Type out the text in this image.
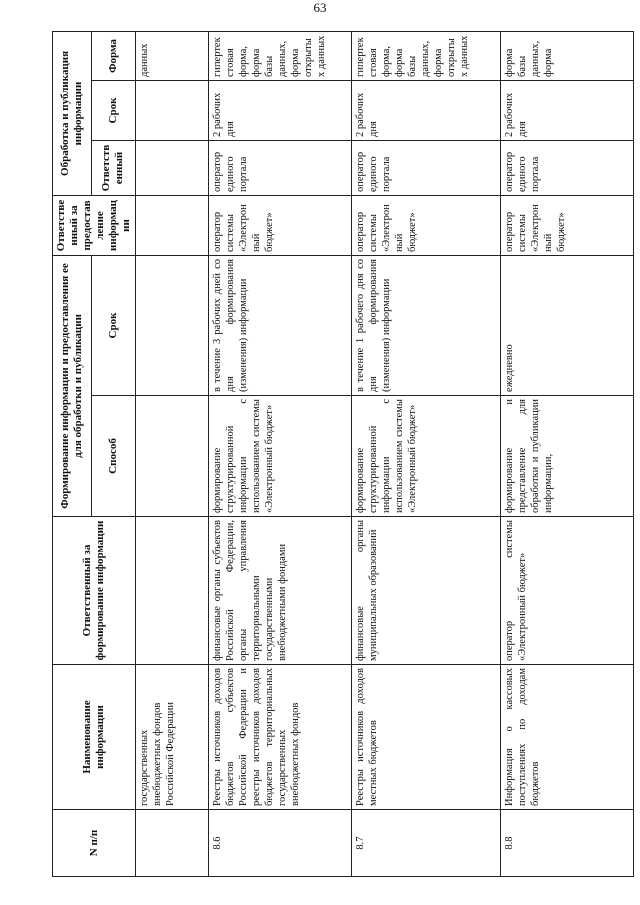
63
N п/п	Наименование информации	Ответственный за формирование информации	Формирование информации и предоставления ее для обработки и публикации		Ответственный за предоставление информации	Обработка и публикация информации		
			Способ	Срок		Ответственный	Срок	Форма
	государственных внебюджетных фондов Российской Федерации							данных
8.6	Реестры источников доходов бюджетов субъектов Российской Федерации и реестры источников доходов бюджетов территориальных государственных внебюджетных фондов	финансовые органы субъектов Российской Федерации, органы управления территориальными государственными внебюджетными фондами	формирование структурированной информации с использованием системы «Электронный бюджет»	в течение 3 рабочих дней со дня формирования (изменения) информации	оператор системы «Электронный бюджет»	оператор единого портала	2 рабочих дня	гипертекстовая форма, форма базы данных, форма открытых данных
8.7	Реестры источников доходов местных бюджетов	финансовые органы муниципальных образований	формирование структурированной информации с использованием системы «Электронный бюджет»	в течение 1 рабочего дня со дня формирования (изменения) информации	оператор системы «Электронный бюджет»	оператор единого портала	2 рабочих дня	гипертекстовая форма, форма базы данных, форма открытых данных
8.8	Информация о кассовых поступлениях по доходам бюджетов	оператор системы «Электронный бюджет»	формирование и представление для обработки и публикации информации,	ежедневно	оператор системы «Электронный бюджет»	оператор единого портала	2 рабочих дня	форма базы данных, форма
